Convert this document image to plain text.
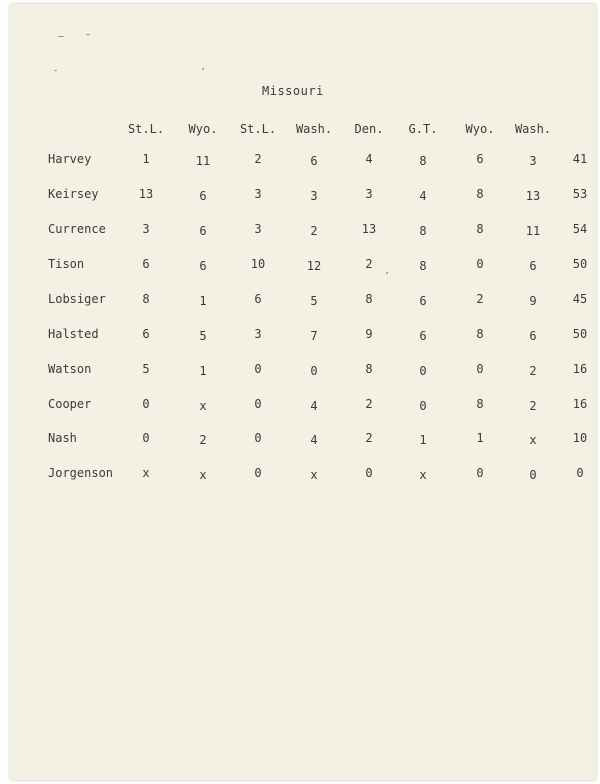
Missouri
St.L. Wyo. St.L. Wash. Den. G.T. Wyo. Wash.
Harvey	1	11	2	6	4	8	6	3	41
Keirsey	13	6	3	3	3	4	8	13	53
Currence	3	6	3	2	13	8	8	11	54
Tison	6	6	10	12	2	8	0	6	50
Lobsiger	8	1	6	5	8	6	2	9	45
Halsted	6	5	3	7	9	6	8	6	50
Watson	5	1	0	0	8	0	0	2	16
Cooper	0	x	0	4	2	0	8	2	16
Nash	0	2	0	4	2	1	1	x	10
Jorgenson x	x	0	x	0	x	0	0	0
